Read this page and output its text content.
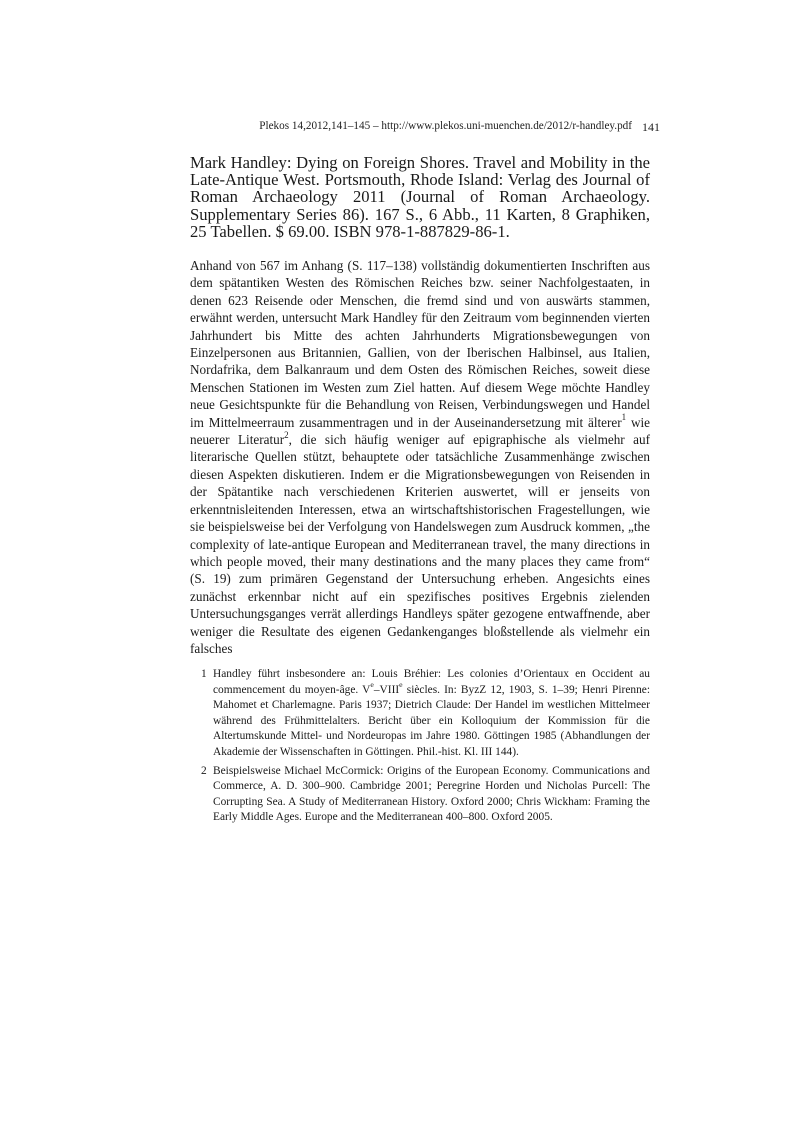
Plekos 14,2012,141–145 – http://www.plekos.uni-muenchen.de/2012/r-handley.pdf 141
Mark Handley: Dying on Foreign Shores. Travel and Mobility in the Late-Antique West. Portsmouth, Rhode Island: Verlag des Journal of Roman Archaeology 2011 (Journal of Roman Archaeology. Supplementary Series 86). 167 S., 6 Abb., 11 Karten, 8 Graphiken, 25 Tabellen. $ 69.00. ISBN 978-1-887829-86-1.

Anhand von 567 im Anhang (S. 117–138) vollständig dokumentierten Inschriften aus dem spätantiken Westen des Römischen Reiches bzw. seiner Nachfolgestaaten, in denen 623 Reisende oder Menschen, die fremd sind und von auswärts stammen, erwähnt werden, untersucht Mark Handley für den Zeitraum vom beginnenden vierten Jahrhundert bis Mitte des achten Jahrhunderts Migrationsbewegungen von Einzelpersonen aus Britannien, Gallien, von der Iberischen Halbinsel, aus Italien, Nordafrika, dem Balkanraum und dem Osten des Römischen Reiches, soweit diese Menschen Stationen im Westen zum Ziel hatten. Auf diesem Wege möchte Handley neue Gesichtspunkte für die Behandlung von Reisen, Verbindungswegen und Handel im Mittelmeerraum zusammentragen und in der Auseinandersetzung mit älterer$^1$ wie neuerer Literatur$^2$, die sich häufig weniger auf epigraphische als vielmehr auf literarische Quellen stützt, behauptete oder tatsächliche Zusammenhänge zwischen diesen Aspekten diskutieren. Indem er die Migrationsbewegungen von Reisenden in der Spätantike nach verschiedenen Kriterien auswertet, will er jenseits von erkenntnisleitenden Interessen, etwa an wirtschaftshistorischen Fragestellungen, wie sie beispielsweise bei der Verfolgung von Handelswegen zum Ausdruck kommen, „the complexity of late-antique European and Mediterranean travel, the many directions in which people moved, their many destinations and the many places they came from“ (S. 19) zum primären Gegenstand der Untersuchung erheben. Angesichts eines zunächst erkennbar nicht auf ein spezifisches positives Ergebnis zielenden Untersuchungsganges verrät allerdings Handleys später gezogene entwaffnende, aber weniger die Resultate des eigenen Gedankenganges bloßstellende als vielmehr ein falsches

1 Handley führt insbesondere an: Louis Bréhier: Les colonies d’Orientaux en Occident au commencement du moyen-âge. Ve–VIIIe siècles. In: ByzZ 12, 1903, S. 1–39; Henri Pirenne: Mahomet et Charlemagne. Paris 1937; Dietrich Claude: Der Handel im westlichen Mittelmeer während des Frühmittelalters. Bericht über ein Kolloquium der Kommission für die Altertumskunde Mittel- und Nordeuropas im Jahre 1980. Göttingen 1985 (Abhandlungen der Akademie der Wissenschaften in Göttingen. Phil.-hist. Kl. III 144).
2 Beispielsweise Michael McCormick: Origins of the European Economy. Communications and Commerce, A. D. 300–900. Cambridge 2001; Peregrine Horden und Nicholas Purcell: The Corrupting Sea. A Study of Mediterranean History. Oxford 2000; Chris Wickham: Framing the Early Middle Ages. Europe and the Mediterranean 400–800. Oxford 2005.
